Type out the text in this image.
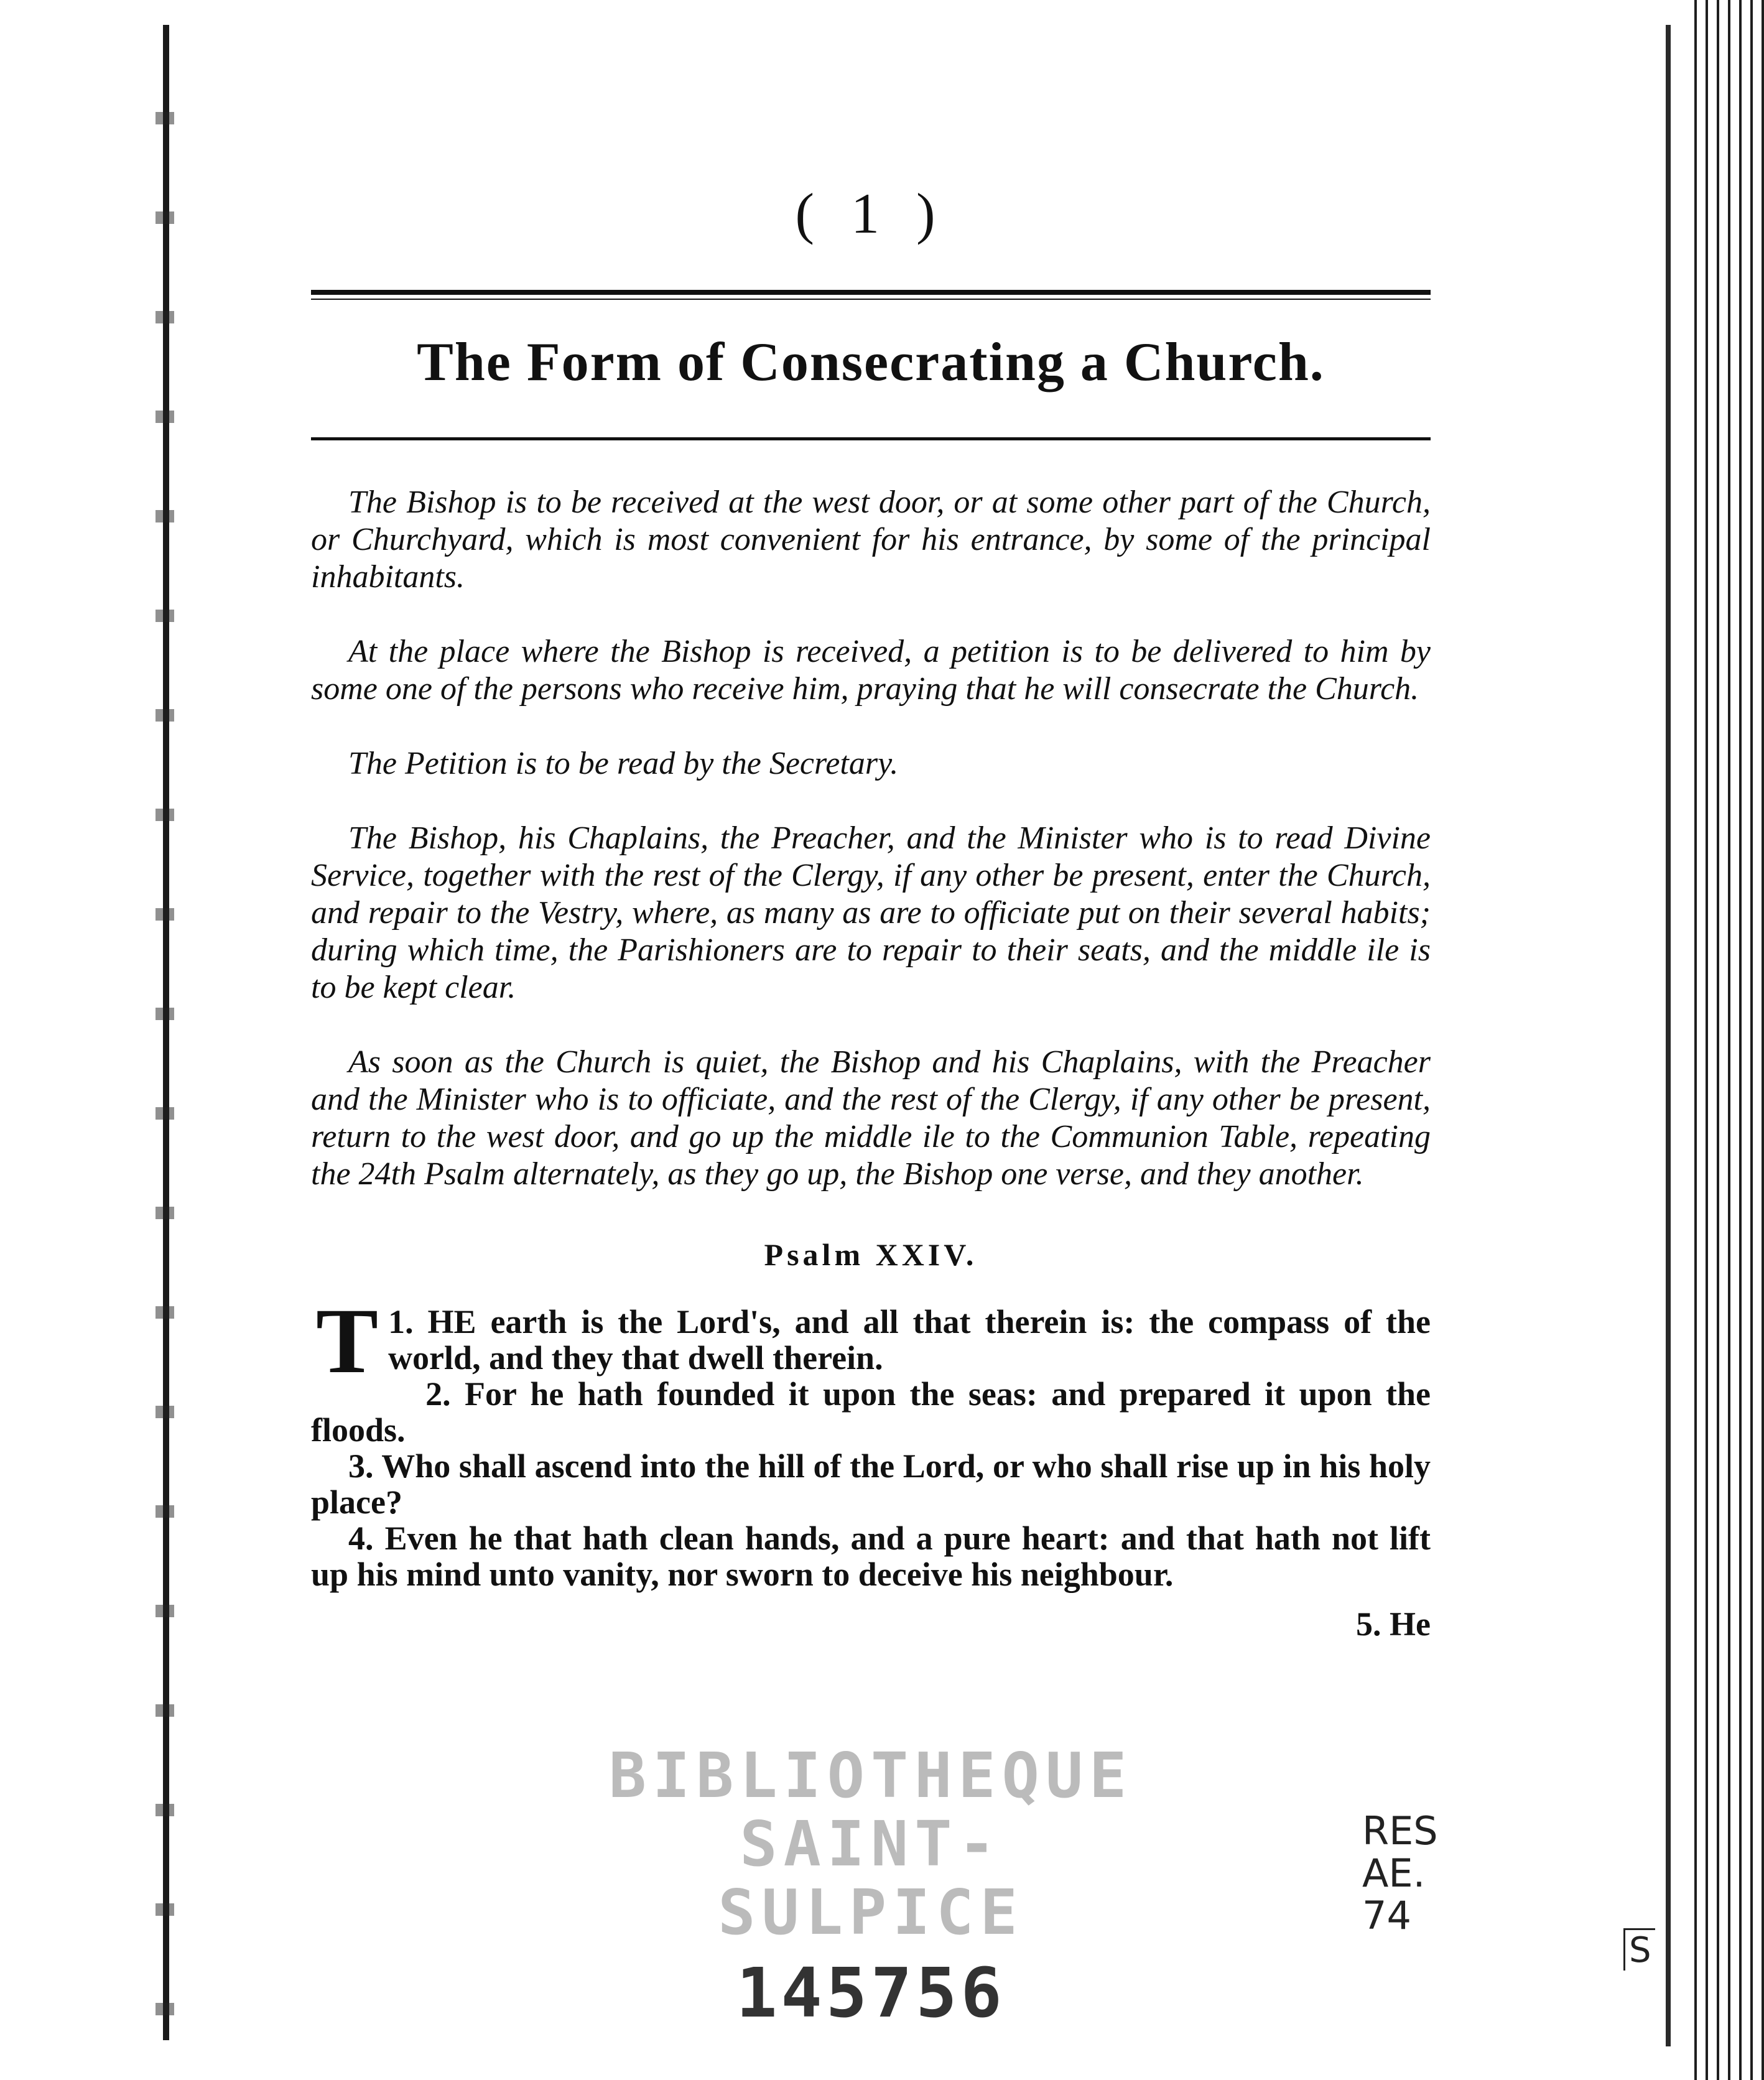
( 1 )
The Form of Consecrating a Church.

The Bishop is to be received at the west door, or at some other part of the Church, or Churchyard, which is most convenient for his entrance, by some of the principal inhabitants.

At the place where the Bishop is received, a petition is to be delivered to him by some one of the persons who receive him, praying that he will consecrate the Church.

The Petition is to be read by the Secretary.

The Bishop, his Chaplains, the Preacher, and the Minister who is to read Divine Service, together with the rest of the Clergy, if any other be present, enter the Church, and repair to the Vestry, where, as many as are to officiate put on their several habits; during which time, the Parishioners are to repair to their seats, and the middle ile is to be kept clear.

As soon as the Church is quiet, the Bishop and his Chaplains, with the Preacher and the Minister who is to officiate, and the rest of the Clergy, if any other be present, return to the west door, and go up the middle ile to the Communion Table, repeating the 24th Psalm alternately, as they go up, the Bishop one verse, and they another.

Psalm XXIV.

1.
T HE earth is the Lord's, and all that therein is: the compass of the world, and they that dwell therein.

2. For he hath founded it upon the seas: and prepared it upon the floods.

3. Who shall ascend into the hill of the Lord, or who shall rise up in his holy place?

4. Even he that hath clean hands, and a pure heart: and that hath not lift up his mind unto vanity, nor sworn to deceive his neighbour.

5. He
BIBLIOTHEQUE
SAINT-SULPICE
145756
RES
AE.
74
S
